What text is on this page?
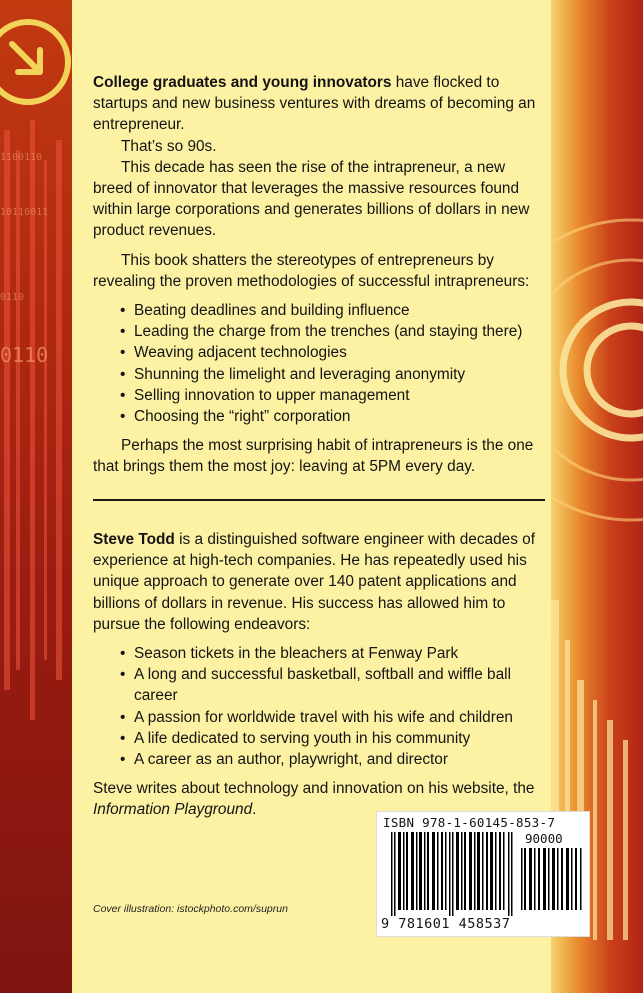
1100110
10110011
0110
0110

College graduates and young innovators have flocked to startups and new business ventures with dreams of becoming an entrepreneur.

That’s so 90s.

This decade has seen the rise of the intrapreneur, a new breed of innovator that leverages the massive resources found within large corporations and generates billions of dollars in new product revenues.

This book shatters the stereotypes of entrepreneurs by revealing the proven methodologies of successful intrapreneurs:

• Beating deadlines and building influence
• Leading the charge from the trenches (and staying there)
• Weaving adjacent technologies
• Shunning the limelight and leveraging anonymity
• Selling innovation to upper management
• Choosing the “right” corporation

Perhaps the most surprising habit of intrapreneurs is the one that brings them the most joy: leaving at 5PM every day.

Steve Todd is a distinguished software engineer with decades of experience at high-tech companies. He has repeatedly used his unique approach to generate over 140 patent applications and billions of dollars in revenue. His success has allowed him to pursue the following endeavors:

• Season tickets in the bleachers at Fenway Park
• A long and successful basketball, softball and wiffle ball career
• A passion for worldwide travel with his wife and children
• A life dedicated to serving youth in his community
• A career as an author, playwright, and director

Steve writes about technology and innovation on his website, the Information Playground.

Cover illustration: istockphoto.com/suprun
ISBN 978-1-60145-853-7
90000
9 781601 458537
